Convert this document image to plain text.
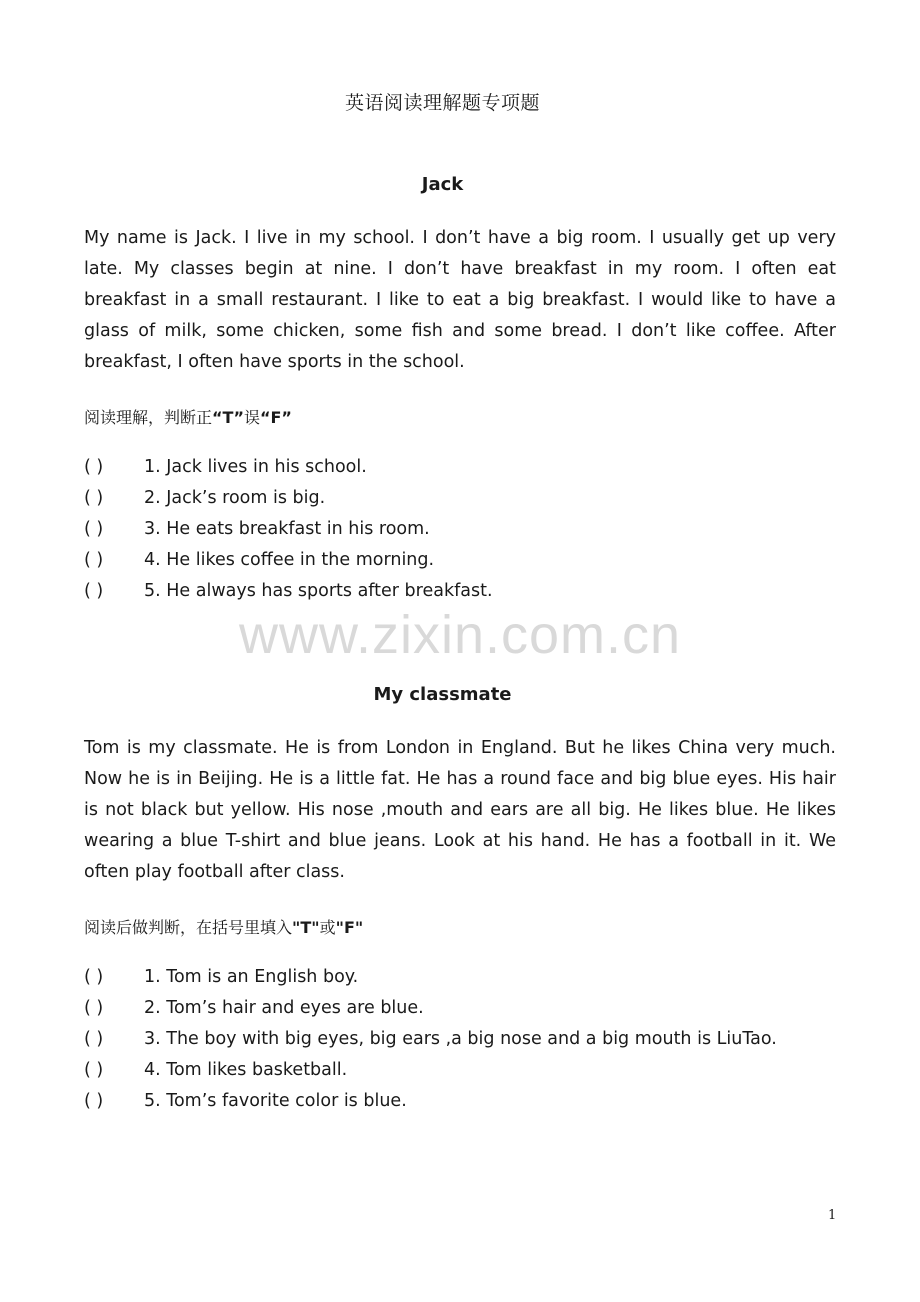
英语阅读理解题专项题
Jack

My name is Jack. I live in my school. I don’t have a big room. I usually get up very late. My classes begin at nine. I don’t have breakfast in my room. I often eat breakfast in a small restaurant. I like to eat a big breakfast. I would like to have a glass of milk, some chicken, some fish and some bread. I don’t like coffee. After breakfast, I often have sports in the school.

阅读理解，判断正“T”误“F”

( ) 1. Jack lives in his school.
( ) 2. Jack’s room is big.
( ) 3. He eats breakfast in his room.
( ) 4. He likes coffee in the morning.
( ) 5. He always has sports after breakfast.
www.zixin.com.cn
My classmate

Tom is my classmate. He is from London in England. But he likes China very much. Now he is in Beijing. He is a little fat. He has a round face and big blue eyes. His hair is not black but yellow. His nose ,mouth and ears are all big. He likes blue. He likes wearing a blue T-shirt and blue jeans. Look at his hand. He has a football in it. We often play football after class.

阅读后做判断，在括号里填入"T"或"F"

( ) 1. Tom is an English boy.
( ) 2. Tom’s hair and eyes are blue.
( ) 3. The boy with big eyes, big ears ,a big nose and a big mouth is LiuTao.
( ) 4. Tom likes basketball.
( ) 5. Tom’s favorite color is blue.
1
